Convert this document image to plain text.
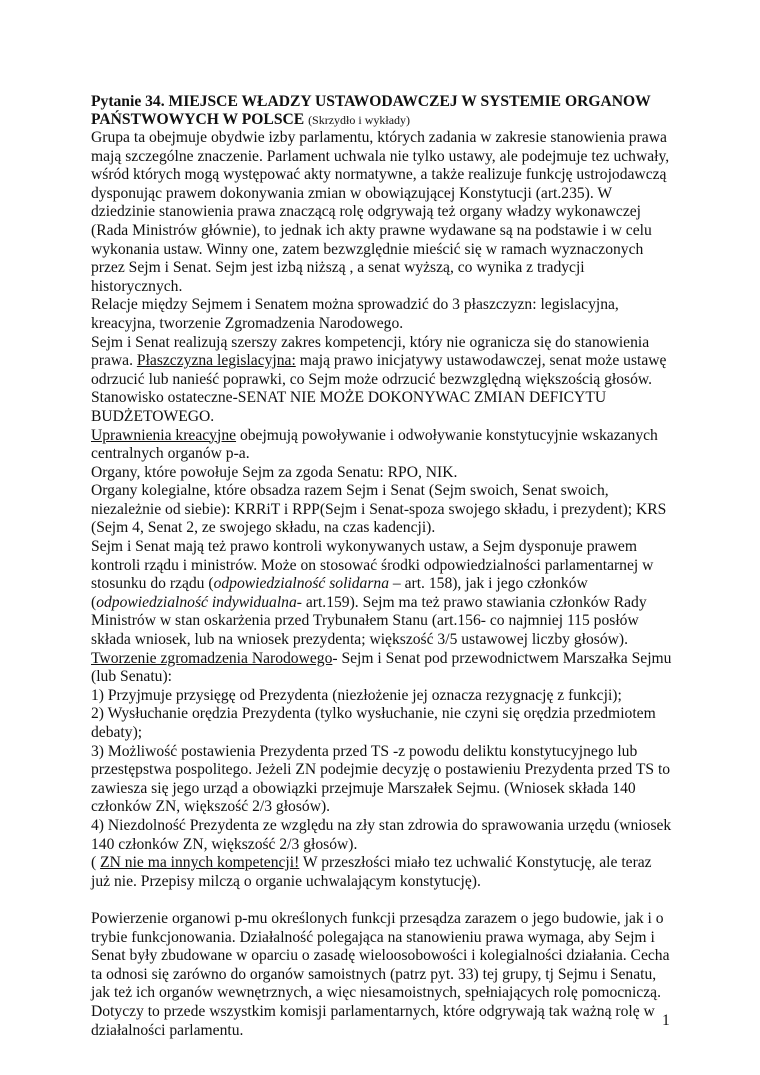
Pytanie 34. MIEJSCE WŁADZY USTAWODAWCZEJ W SYSTEMIE ORGANOW PAŃSTWOWYCH W POLSCE (Skrzydło i wykłady)

Grupa ta obejmuje obydwie izby parlamentu, których zadania w zakresie stanowienia prawa mają szczególne znaczenie. Parlament uchwala nie tylko ustawy, ale podejmuje tez uchwały, wśród których mogą występować akty normatywne, a także realizuje funkcję ustrojodawczą dysponując prawem dokonywania zmian w obowiązującej Konstytucji (art.235). W dziedzinie stanowienia prawa znaczącą rolę odgrywają też organy władzy wykonawczej (Rada Ministrów głównie), to jednak ich akty prawne wydawane są na podstawie i w celu wykonania ustaw. Winny one, zatem bezwzględnie mieścić się w ramach wyznaczonych przez Sejm i Senat. Sejm jest izbą niższą , a senat wyższą, co wynika z tradycji historycznych.

Relacje między Sejmem i Senatem można sprowadzić do 3 płaszczyzn: legislacyjna, kreacyjna, tworzenie Zgromadzenia Narodowego.

Sejm i Senat realizują szerszy zakres kompetencji, który nie ogranicza się do stanowienia prawa. Płaszczyzna legislacyjna: mają prawo inicjatywy ustawodawczej, senat może ustawę odrzucić lub nanieść poprawki, co Sejm może odrzucić bezwzględną większością głosów.

Stanowisko ostateczne-SENAT NIE MOŻE DOKONYWAC ZMIAN DEFICYTU BUDŻETOWEGO.

Uprawnienia kreacyjne obejmują powoływanie i odwoływanie konstytucyjnie wskazanych centralnych organów p-a.

Organy, które powołuje Sejm za zgoda Senatu: RPO, NIK.

Organy kolegialne, które obsadza razem Sejm i Senat (Sejm swoich, Senat swoich, niezależnie od siebie): KRRiT i RPP(Sejm i Senat-spoza swojego składu, i prezydent); KRS (Sejm 4, Senat 2, ze swojego składu, na czas kadencji).

Sejm i Senat mają też prawo kontroli wykonywanych ustaw, a Sejm dysponuje prawem kontroli rządu i ministrów. Może on stosować środki odpowiedzialności parlamentarnej w stosunku do rządu (odpowiedzialność solidarna – art. 158), jak i jego członków (odpowiedzialność indywidualna- art.159). Sejm ma też prawo stawiania członków Rady Ministrów w stan oskarżenia przed Trybunałem Stanu (art.156- co najmniej 115 posłów składa wniosek, lub na wniosek prezydenta; większość 3/5 ustawowej liczby głosów).

Tworzenie zgromadzenia Narodowego- Sejm i Senat pod przewodnictwem Marszałka Sejmu (lub Senatu):

1) Przyjmuje przysięgę od Prezydenta (niezłożenie jej oznacza rezygnację z funkcji);

2) Wysłuchanie orędzia Prezydenta (tylko wysłuchanie, nie czyni się orędzia przedmiotem debaty);

3) Możliwość postawienia Prezydenta przed TS -z powodu deliktu konstytucyjnego lub przestępstwa pospolitego. Jeżeli ZN podejmie decyzję o postawieniu Prezydenta przed TS to zawiesza się jego urząd a obowiązki przejmuje Marszałek Sejmu. (Wniosek składa 140 członków ZN, większość 2/3 głosów).

4) Niezdolność Prezydenta ze względu na zły stan zdrowia do sprawowania urzędu (wniosek 140 członków ZN, większość 2/3 głosów).

( ZN nie ma innych kompetencji! W przeszłości miało tez uchwalić Konstytucję, ale teraz już nie. Przepisy milczą o organie uchwalającym konstytucję).

Powierzenie organowi p-mu określonych funkcji przesądza zarazem o jego budowie, jak i o trybie funkcjonowania. Działalność polegająca na stanowieniu prawa wymaga, aby Sejm i Senat były zbudowane w oparciu o zasadę wieloosobowości i kolegialności działania. Cecha ta odnosi się zarówno do organów samoistnych (patrz pyt. 33) tej grupy, tj Sejmu i Senatu, jak też ich organów wewnętrznych, a więc niesamoistnych, spełniających rolę pomocniczą. Dotyczy to przede wszystkim komisji parlamentarnych, które odgrywają tak ważną rolę w działalności parlamentu.

1
